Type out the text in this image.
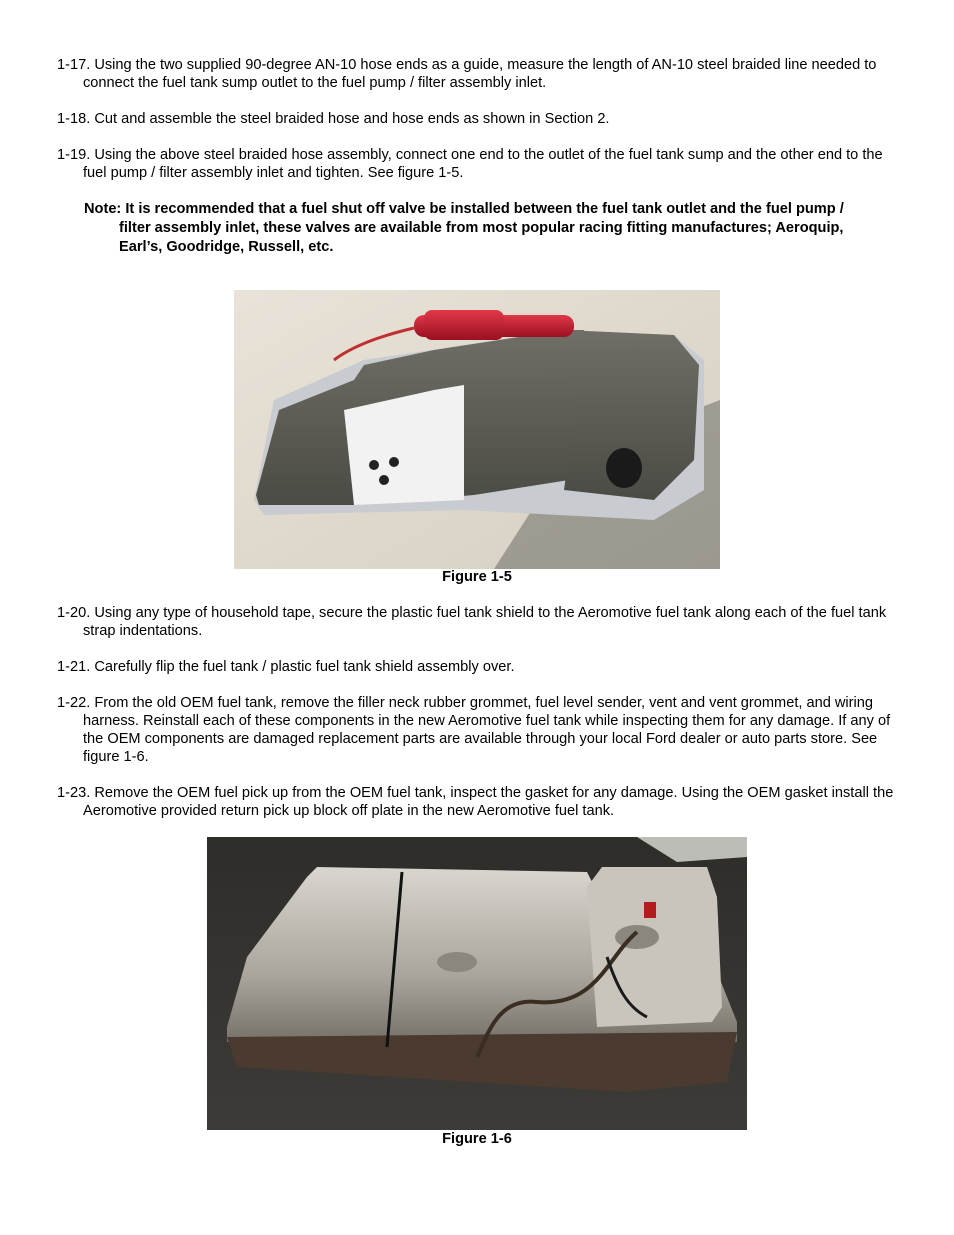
1-17. Using the two supplied 90-degree AN-10 hose ends as a guide, measure the length of AN-10 steel braided line needed to connect the fuel tank sump outlet to the fuel pump / filter assembly inlet.
1-18. Cut and assemble the steel braided hose and hose ends as shown in Section 2.
1-19. Using the above steel braided hose assembly, connect one end to the outlet of the fuel tank sump and the other end to the fuel pump / filter assembly inlet and tighten. See figure 1-5.
Note: It is recommended that a fuel shut off valve be installed between the fuel tank outlet and the fuel pump /
filter assembly inlet, these valves are available from most popular racing fitting manufactures; Aeroquip,
Earl’s, Goodridge, Russell, etc.
Figure 1-5
1-20. Using any type of household tape, secure the plastic fuel tank shield to the Aeromotive fuel tank along each of the fuel tank strap indentations.
1-21. Carefully flip the fuel tank / plastic fuel tank shield assembly over.
1-22. From the old OEM fuel tank, remove the filler neck rubber grommet, fuel level sender, vent and vent grommet, and wiring harness. Reinstall each of these components in the new Aeromotive fuel tank while inspecting them for any damage. If any of the OEM components are damaged replacement parts are available through your local Ford dealer or auto parts store. See figure 1-6.
1-23. Remove the OEM fuel pick up from the OEM fuel tank, inspect the gasket for any damage. Using the OEM gasket install the Aeromotive provided return pick up block off plate in the new Aeromotive fuel tank.
Figure 1-6
